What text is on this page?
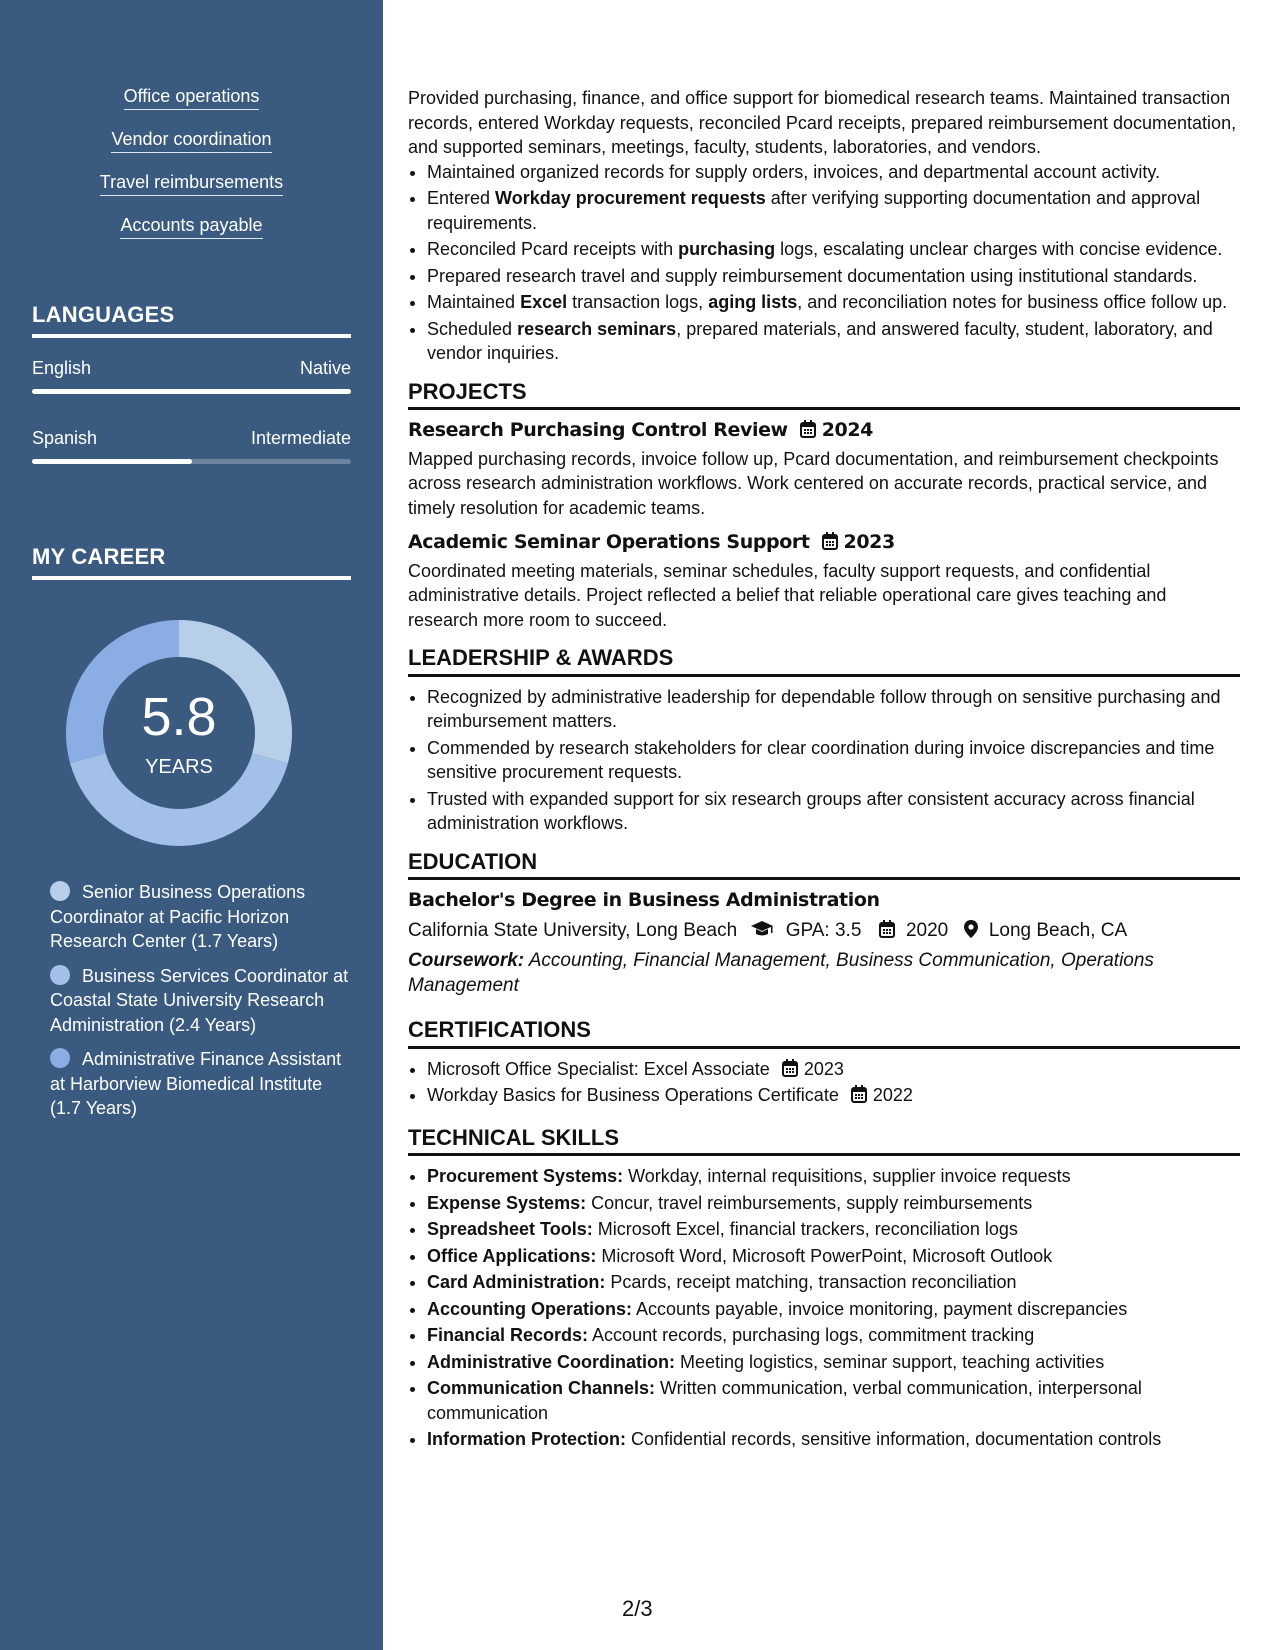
Office operations
Vendor coordination
Travel reimbursements
Accounts payable
LANGUAGES
English	Native
Spanish	Intermediate
MY CAREER
5.8
YEARS
Senior Business Operations Coordinator at Pacific Horizon Research Center (1.7 Years)
Business Services Coordinator at Coastal State University Research Administration (2.4 Years)
Administrative Finance Assistant at Harborview Biomedical Institute (1.7 Years)

Provided purchasing, finance, and office support for biomedical research teams. Maintained transaction records, entered Workday requests, reconciled Pcard receipts, prepared reimbursement documentation, and supported seminars, meetings, faculty, students, laboratories, and vendors.

• Maintained organized records for supply orders, invoices, and departmental account activity.
• Entered Workday procurement requests after verifying supporting documentation and approval requirements.
• Reconciled Pcard receipts with purchasing logs, escalating unclear charges with concise evidence.
• Prepared research travel and supply reimbursement documentation using institutional standards.
• Maintained Excel transaction logs, aging lists, and reconciliation notes for business office follow up.
• Scheduled research seminars, prepared materials, and answered faculty, student, laboratory, and vendor inquiries.
PROJECTS
Research Purchasing Control Review 2024

Mapped purchasing records, invoice follow up, Pcard documentation, and reimbursement checkpoints across research administration workflows. Work centered on accurate records, practical service, and timely resolution for academic teams.

Academic Seminar Operations Support 2023

Coordinated meeting materials, seminar schedules, faculty support requests, and confidential administrative details. Project reflected a belief that reliable operational care gives teaching and research more room to succeed.

LEADERSHIP & AWARDS
• Recognized by administrative leadership for dependable follow through on sensitive purchasing and reimbursement matters.
• Commended by research stakeholders for clear coordination during invoice discrepancies and time sensitive procurement requests.
• Trusted with expanded support for six research groups after consistent accuracy across financial administration workflows.
EDUCATION
Bachelor's Degree in Business Administration
California State University, Long Beach	GPA: 3.5 2020 Long Beach, CA
Coursework: Accounting, Financial Management, Business Communication, Operations Management
CERTIFICATIONS
• Microsoft Office Specialist: Excel Associate 2023
• Workday Basics for Business Operations Certificate 2022
TECHNICAL SKILLS
• Procurement Systems: Workday, internal requisitions, supplier invoice requests
• Expense Systems: Concur, travel reimbursements, supply reimbursements
• Spreadsheet Tools: Microsoft Excel, financial trackers, reconciliation logs
• Office Applications: Microsoft Word, Microsoft PowerPoint, Microsoft Outlook
• Card Administration: Pcards, receipt matching, transaction reconciliation
• Accounting Operations: Accounts payable, invoice monitoring, payment discrepancies
• Financial Records: Account records, purchasing logs, commitment tracking
• Administrative Coordination: Meeting logistics, seminar support, teaching activities
• Communication Channels: Written communication, verbal communication, interpersonal communication
• Information Protection: Confidential records, sensitive information, documentation controls
2/3
